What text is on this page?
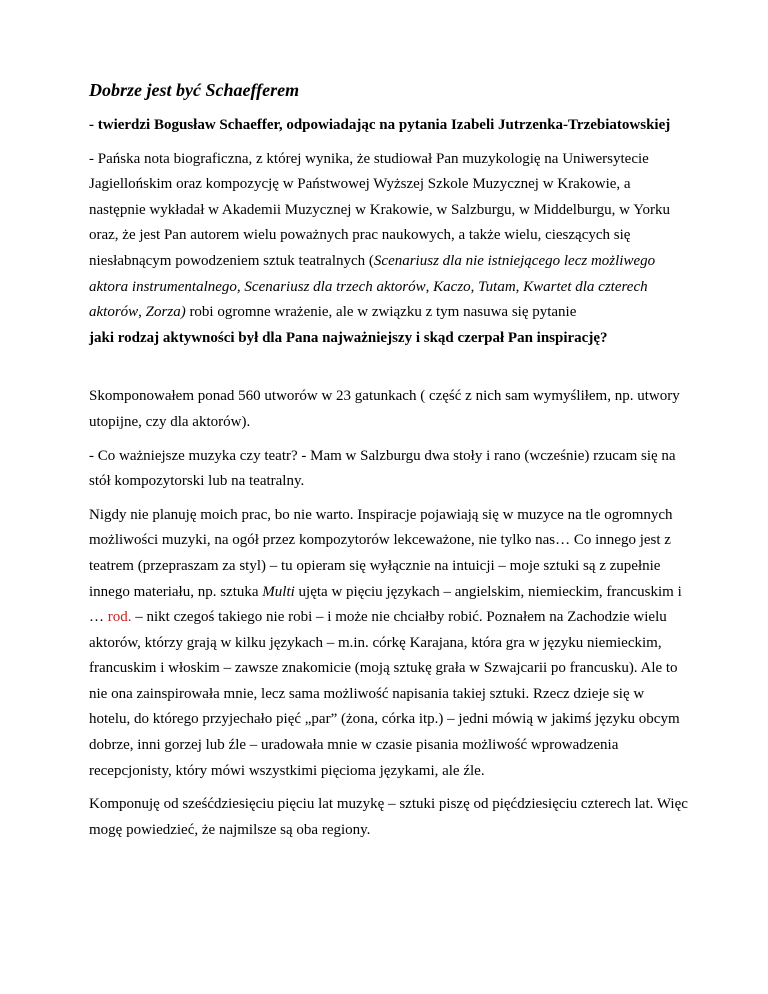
Dobrze jest być Schaefferem

- twierdzi Bogusław Schaeffer, odpowiadając na pytania Izabeli Jutrzenka-Trzebiatowskiej

- Pańska nota biograficzna, z której wynika, że studiował Pan muzykologię na Uniwersytecie Jagiellońskim oraz kompozycję w Państwowej Wyższej Szkole Muzycznej w Krakowie, a następnie wykładał w Akademii Muzycznej w Krakowie, w Salzburgu, w Middelburgu, w Yorku oraz, że jest Pan autorem wielu poważnych prac naukowych, a także wielu, cieszących się niesłabnącym powodzeniem sztuk teatralnych (Scenariusz dla nie istniejącego lecz możliwego aktora instrumentalnego, Scenariusz dla trzech aktorów, Kaczo, Tutam, Kwartet dla czterech aktorów, Zorza) robi ogromne wrażenie, ale w związku z tym nasuwa się pytanie
jaki rodzaj aktywności był dla Pana najważniejszy i skąd czerpał Pan inspirację?

Skomponowałem ponad 560 utworów w 23 gatunkach ( część z nich sam wymyśliłem, np. utwory utopijne, czy dla aktorów).

- Co ważniejsze muzyka czy teatr? - Mam w Salzburgu dwa stoły i rano (wcześnie) rzucam się na stół kompozytorski lub na teatralny.

Nigdy nie planuję moich prac, bo nie warto. Inspiracje pojawiają się w muzyce na tle ogromnych możliwości muzyki, na ogół przez kompozytorów lekceważone, nie tylko nas… Co innego jest z teatrem (przepraszam za styl) – tu opieram się wyłącznie na intuicji – moje sztuki są z zupełnie innego materiału, np. sztuka Multi ujęta w pięciu językach – angielskim, niemieckim, francuskim i … rod. – nikt czegoś takiego nie robi – i może nie chciałby robić. Poznałem na Zachodzie wielu aktorów, którzy grają w kilku językach – m.in. córkę Karajana, która gra w języku niemieckim, francuskim i włoskim – zawsze znakomicie (moją sztukę grała w Szwajcarii po francusku). Ale to nie ona zainspirowała mnie, lecz sama możliwość napisania takiej sztuki. Rzecz dzieje się w hotelu, do którego przyjechało pięć „par” (żona, córka itp.) – jedni mówią w jakimś języku obcym dobrze, inni gorzej lub źle – uradowała mnie w czasie pisania możliwość wprowadzenia recepcjonisty, który mówi wszystkimi pięcioma językami, ale źle.

Komponuję od sześćdziesięciu pięciu lat muzykę – sztuki piszę od pięćdziesięciu czterech lat. Więc mogę powiedzieć, że najmilsze są oba regiony.
